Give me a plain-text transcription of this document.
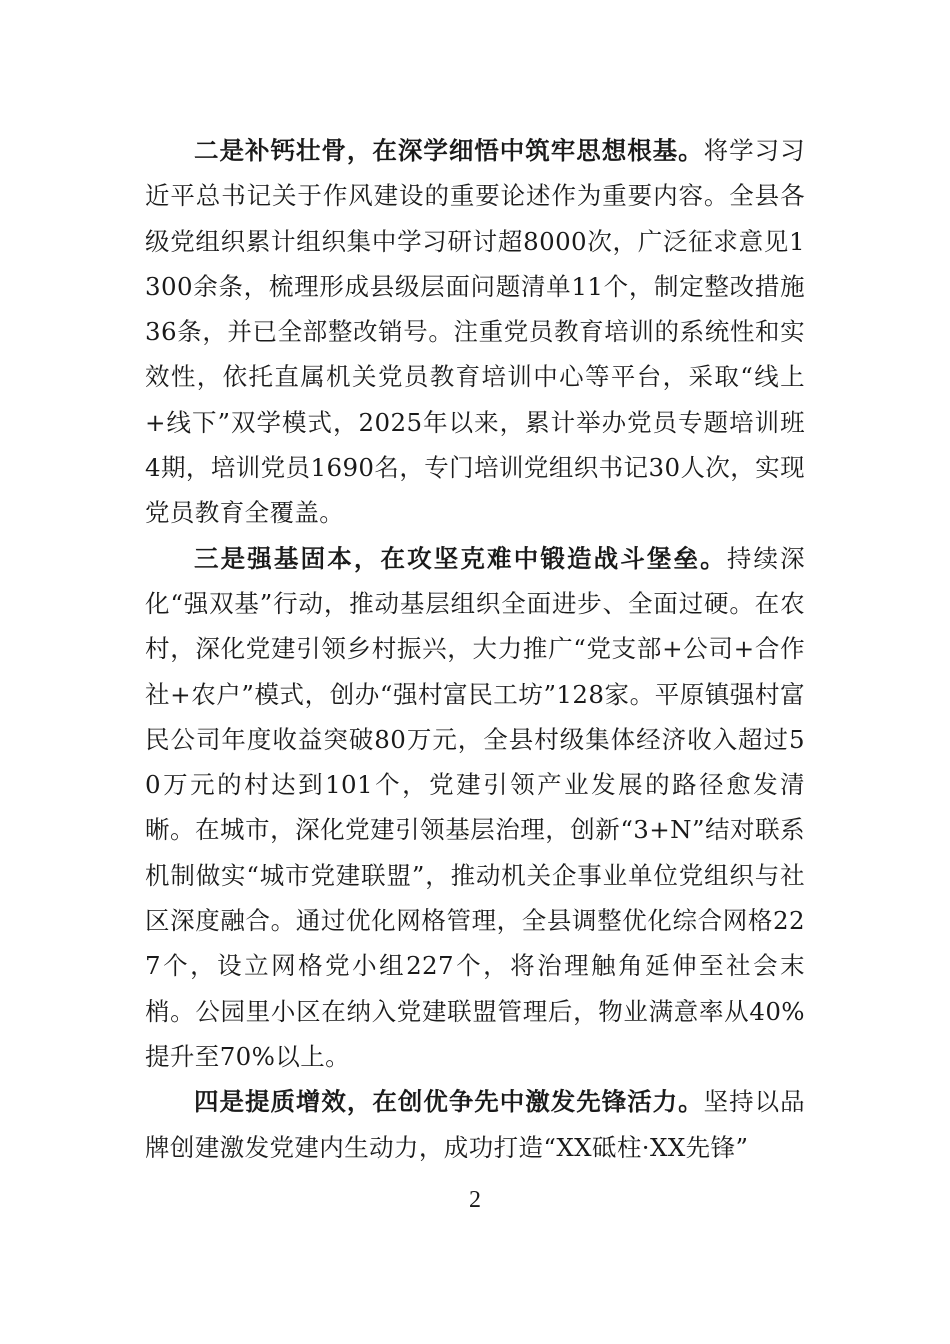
二是补钙壮骨，在深学细悟中筑牢思想根基。将学习习近平总书记关于作风建设的重要论述作为重要内容。全县各级党组织累计组织集中学习研讨超8000次，广泛征求意见1300余条，梳理形成县级层面问题清单11个，制定整改措施36条，并已全部整改销号。注重党员教育培训的系统性和实效性，依托直属机关党员教育培训中心等平台，采取“线上+线下”双学模式，2025年以来，累计举办党员专题培训班4期，培训党员1690名，专门培训党组织书记30人次，实现党员教育全覆盖。

三是强基固本，在攻坚克难中锻造战斗堡垒。持续深化“强双基”行动，推动基层组织全面进步、全面过硬。在农村，深化党建引领乡村振兴，大力推广“党支部+公司+合作社+农户”模式，创办“强村富民工坊”128家。平原镇强村富民公司年度收益突破80万元，全县村级集体经济收入超过50万元的村达到101个，党建引领产业发展的路径愈发清晰。在城市，深化党建引领基层治理，创新“3+N”结对联系机制做实“城市党建联盟”，推动机关企事业单位党组织与社区深度融合。通过优化网格管理，全县调整优化综合网格227个，设立网格党小组227个，将治理触角延伸至社会末梢。公园里小区在纳入党建联盟管理后，物业满意率从40%提升至70%以上。

四是提质增效，在创优争先中激发先锋活力。坚持以品牌创建激发党建内生动力，成功打造“XX砥柱·XX先锋”

2
